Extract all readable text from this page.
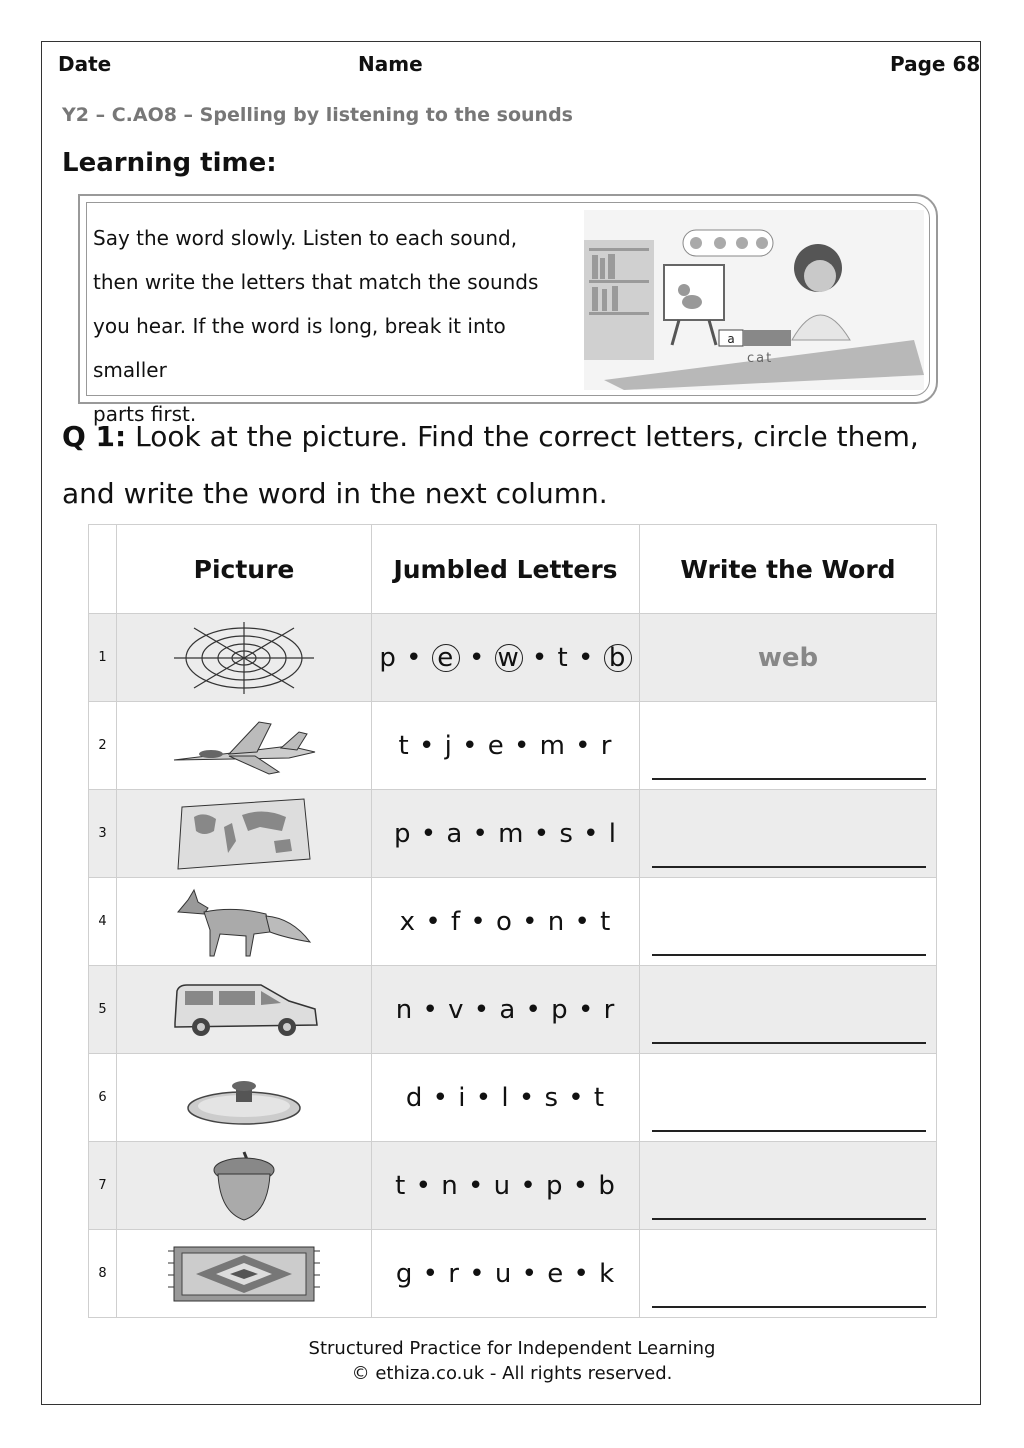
Date	Name	Page 68
Y2 – C.AO8 – Spelling by listening to the sounds
Learning time:
Say the word slowly. Listen to each sound,
then write the letters that match the sounds
you hear. If the word is long, break it into smaller
parts first.
a
cat
Q 1: Look at the picture. Find the correct letters, circle them, and write the word in the next column.
	Picture	Jumbled Letters	Write the Word
1		p • e • w • t • b	web

2		t • j • e • m • r	

3		p • a • m • s • l	

4		x • f • o • n • t	

5		n • v • a • p • r	

6		d • i • l • s • t	

7		t • n • u • p • b	

8		g • r • u • e • k	
Structured Practice for Independent Learning
© ethiza.co.uk - All rights reserved.
